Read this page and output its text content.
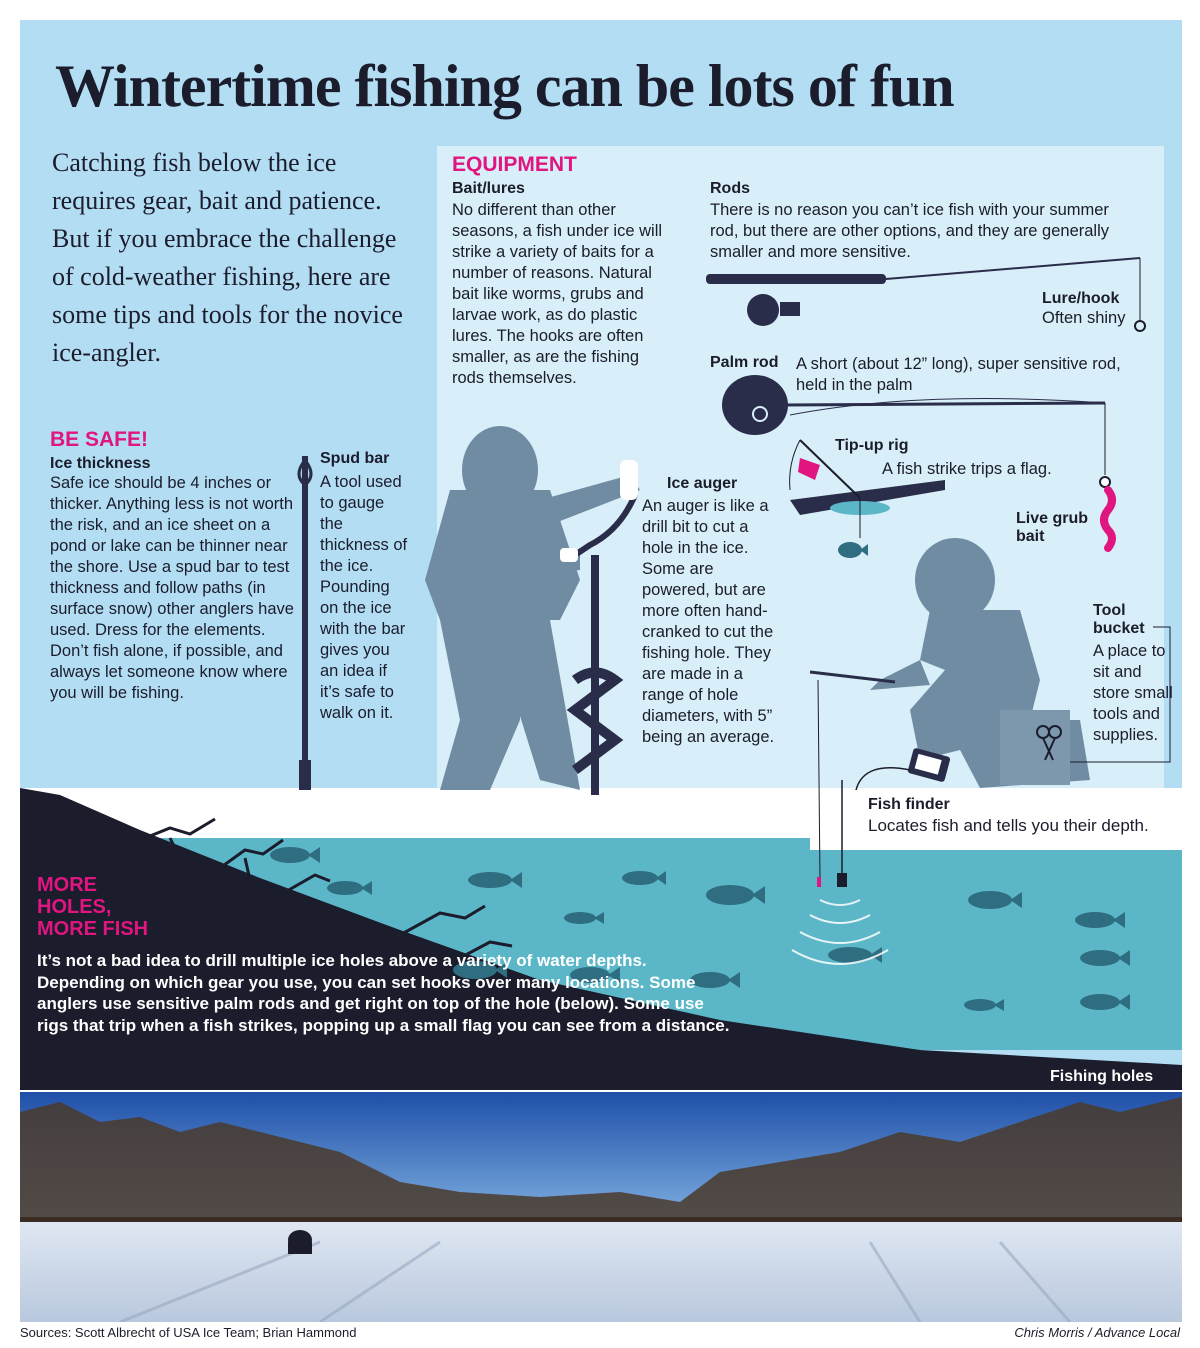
Wintertime fishing can be lots of fun
Catching fish below the ice requires gear, bait and patience. But if you embrace the challenge of cold-weather fishing, here are some tips and tools for the novice ice-angler.
BE SAFE!
Ice thickness
Safe ice should be 4 inches or thicker. Anything less is not worth the risk, and an ice sheet on a pond or lake can be thinner near the shore. Use a spud bar to test thickness and follow paths (in surface snow) other anglers have used. Dress for the elements. Don’t fish alone, if possible, and always let someone know where you will be fishing.
Spud bar
A tool used to gauge the thickness of the ice. Pounding on the ice with the bar gives you an idea if it’s safe to walk on it.
EQUIPMENT
Bait/lures
No different than other seasons, a fish under ice will strike a variety of baits for a number of reasons. Natural bait like worms, grubs and larvae work, as do plastic lures. The hooks are often smaller, as are the fishing rods themselves.
Rods
There is no reason you can’t ice fish with your summer rod, but there are other options, and they are generally smaller and more sensitive.
Lure/hook
Often shiny
Palm rod A short (about 12” long), super sensitive rod, held in the palm
Tip-up rig
A fish strike trips a flag.
Live grub bait
Ice auger
An auger is like a drill bit to cut a hole in the ice. Some are powered, but are more often hand-cranked to cut the fishing hole. They are made in a range of hole diameters, with 5” being an average.
Tool bucket
A place to sit and store small tools and supplies.
Fish finder
Locates fish and tells you their depth.
MORE
HOLES,
MORE FISH
It’s not a bad idea to drill multiple ice holes above a variety of water depths. Depending on which gear you use, you can set hooks over many locations. Some anglers use sensitive palm rods and get right on top of the hole (below). Some use rigs that trip when a fish strikes, popping up a small flag you can see from a distance.
Fishing holes
Sources: Scott Albrecht of USA Ice Team; Brian Hammond	Chris Morris / Advance Local
